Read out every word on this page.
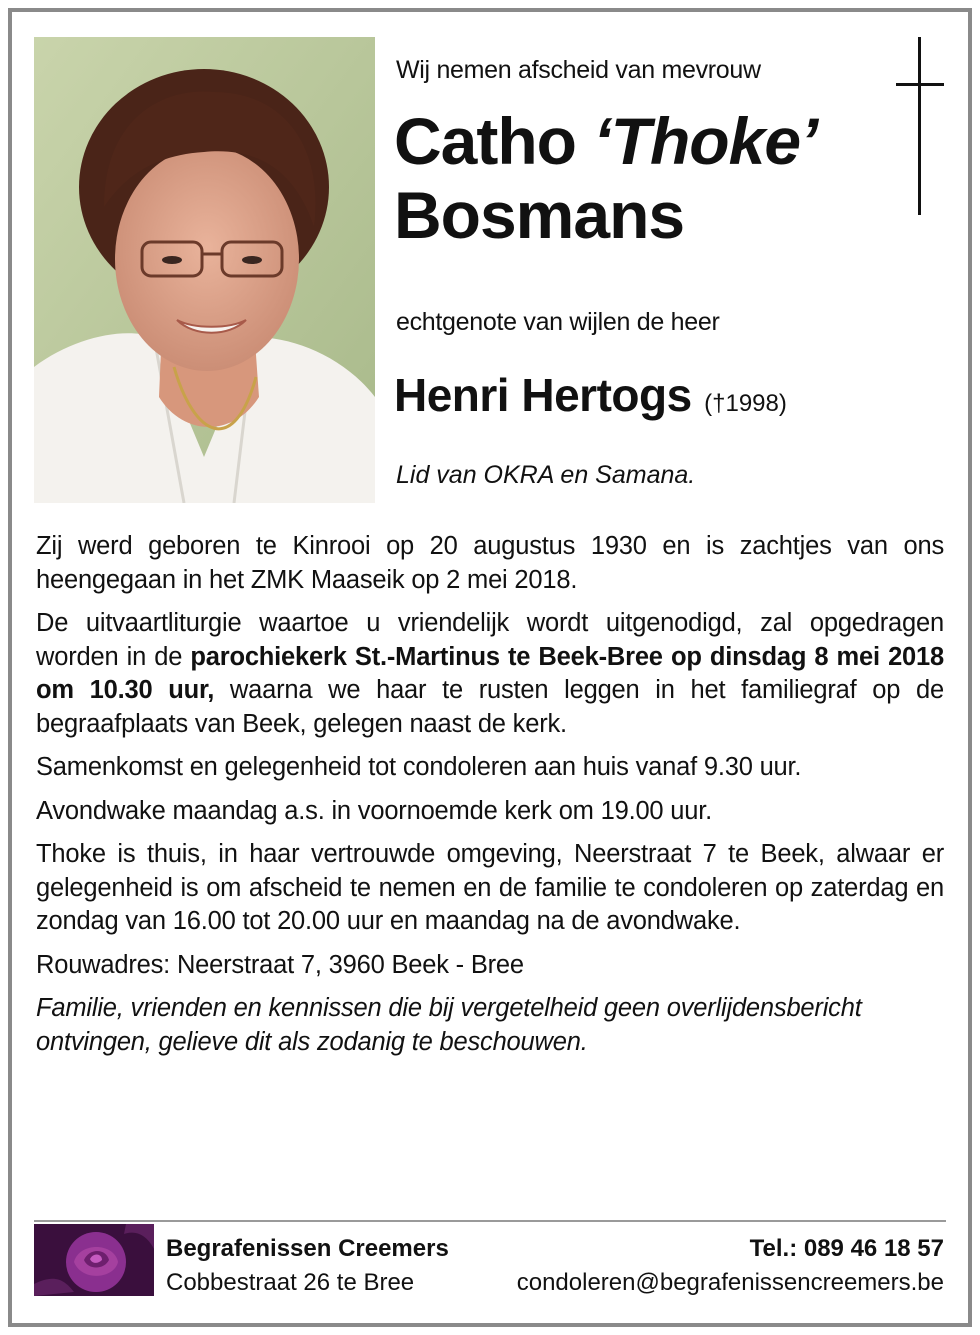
Wij nemen afscheid van mevrouw
Catho ‘Thoke’
Bosmans
echtgenote van wijlen de heer
Henri Hertogs (†1998)
Lid van OKRA en Samana.

Zij werd geboren te Kinrooi op 20 augustus 1930 en is zachtjes van ons heengegaan in het ZMK Maaseik op 2 mei 2018.

De uitvaartliturgie waartoe u vriendelijk wordt uitgenodigd, zal opgedragen worden in de parochiekerk St.-Martinus te Beek-Bree op dinsdag 8 mei 2018 om 10.30 uur, waarna we haar te rusten leggen in het familiegraf op de begraafplaats van Beek, gelegen naast de kerk.

Samenkomst en gelegenheid tot condoleren aan huis vanaf 9.30 uur.

Avondwake maandag a.s. in voornoemde kerk om 19.00 uur.

Thoke is thuis, in haar vertrouwde omgeving, Neerstraat 7 te Beek, alwaar er gelegenheid is om afscheid te nemen en de familie te condoleren op zaterdag en zondag van 16.00 tot 20.00 uur en maandag na de avondwake.

Rouwadres: Neerstraat 7, 3960 Beek - Bree

Familie, vrienden en kennissen die bij vergetelheid geen overlijdensbericht ontvingen, gelieve dit als zodanig te beschouwen.

Begrafenissen Creemers
Cobbestraat 26 te Bree
Tel.: 089 46 18 57
condoleren@begrafenissencreemers.be
